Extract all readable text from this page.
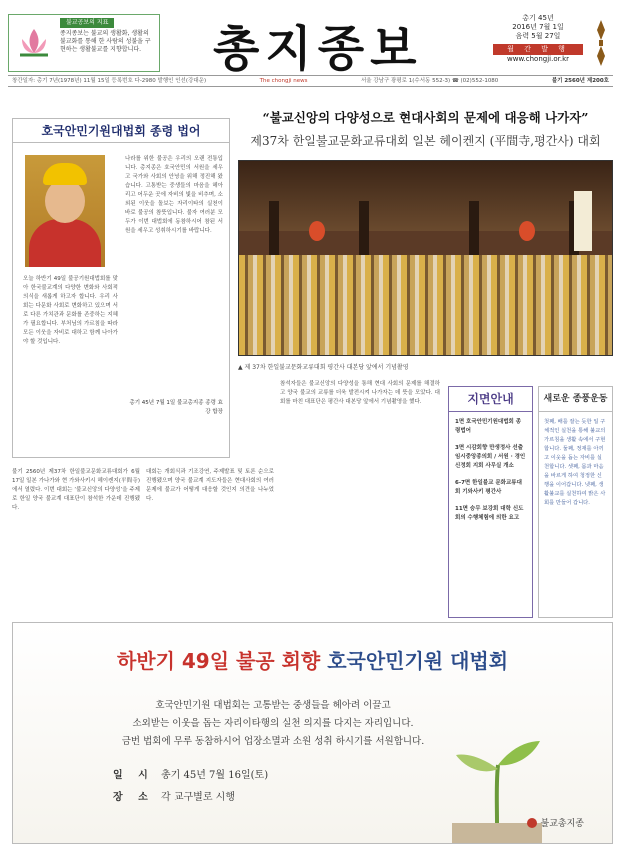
불교공보의 지표
종지종보는 불교의 생활화, 생활의 불교화를 통해 한 사람의 성불을 구현하는 생활불교를 지향합니다.	총지종보
총기 45년
2016년 7월 1일
음력 5월 27일
월 간 발 행
www.chongji.or.kr
창간일자: 총기 7년(1978년) 11월 15일 등록번호 다-2980 발행인 인선(강대운)	The chongji news	서울 강남구 광평로 1(수서동 552-3) ☎ (02)552-1080	불기 2560년 제200호
호국안민기원대법회 종령 법어
오늘 하반기 49일 불공기원대법회를 맞아 한국불교계의 다양한 변화와 사회적 의식을 새롭게 하고자 합니다. 우리 사회는 다문화 사회로 변화하고 있으며 서로 다른 가치관과 문화를 존중하는 지혜가 필요합니다. 부처님의 가르침을 따라 모든 이웃을 자비로 대하고 함께 나아가야 할 것입니다.
나라를 위한 불공은 우리의 오랜 전통입니다. 총지종은 호국안민의 서원을 세우고 국가와 사회의 안녕을 위해 정진해 왔습니다. 고통받는 중생들의 마음을 헤아리고 어두운 곳에 자비의 빛을 비추며, 소외된 이웃을 돌보는 자리이타의 실천이 바로 불공의 참뜻입니다. 불자 여러분 모두가 이번 대법회에 동참하시어 참된 서원을 세우고 성취하시기를 바랍니다.
총기 45년 7월 1일 불교총지종 종령 효강 합장
“불교신앙의 다양성으로 현대사회의 문제에 대응해 나가자”
제37차 한일불교문화교류대회 일본 헤이켄지 (平間寺,평간사) 대회
▲ 제 37차 한일불교문화교류대회 평간사 대본당 앞에서 기념촬영
불기 2560년 제37차 한일불교문화교류대회가 6월 17일 일본 가나가와 현 가와사키시 헤이켄지(平間寺)에서 열렸다. 이번 대회는 ‘불교신앙의 다양성’을 주제로 한일 양국 불교계 대표단이 참석한 가운데 진행됐다.
대회는 개회식과 기조강연, 주제발표 및 토론 순으로 진행됐으며 양국 불교계 지도자들은 현대사회의 여러 문제에 불교가 어떻게 대응할 것인지 의견을 나누었다.
참석자들은 불교신앙의 다양성을 통해 현대 사회의 문제를 해결하고 양국 불교의 교류를 더욱 발전시켜 나가자는 데 뜻을 모았다. 대회를 마친 대표단은 평간사 대본당 앞에서 기념촬영을 했다.	지면안내
1면 호국안민기원대법회 종령법어
3면 시감회향 만생정사 선출 임시중앙종의회 / 서원 · 경인 신정회 지회 사무실 개소
6-7면 한일불교 문화교류대회 기와사키 평간사
11면 승무 보강회 대학 신도회의 수행체험에 의한 요고
새로운 종풍운동
첫째, 배를 잘는 듯한 일 구체적인 실천을 통해 불교의 가르침을 생활 속에서 구현합니다. 둘째, 정재를 아끼고 이웃을 돕는 자비를 실천합니다. 셋째, 몸과 마음을 바르게 하여 청정한 신행을 이어갑니다. 넷째, 생활불교를 실천하여 밝은 사회를 만들어 갑니다.
하반기 49일 불공 회향 호국안민기원 대법회
호국안민기원 대법회는 고통받는 중생들을 헤아려 이끌고
소외받는 이웃을 돕는 자리이타행의 실천 의지를 다지는 자리입니다.
금번 법회에 무루 동참하시어 업장소멸과 소원 성취 하시기를 서원합니다.
일 시 총기 45년 7월 16일(토)
장 소 각 교구별로 시행
불교총지종
